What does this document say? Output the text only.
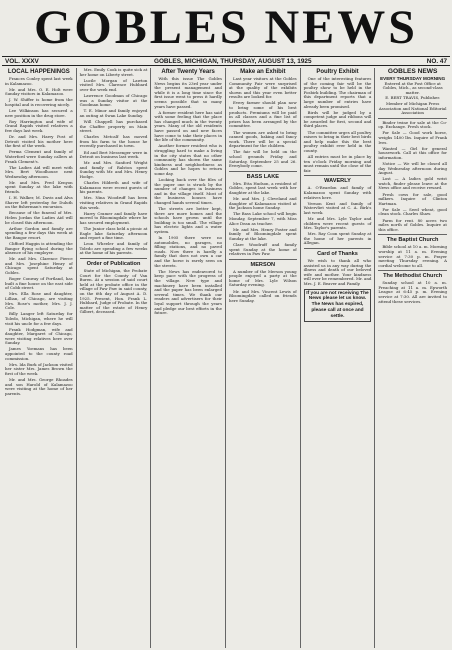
GOBLES NEWS
VOL. XXXV	GOBLES, MICHIGAN, THURSDAY, AUGUST 13, 1925	NO. 47
LOCAL HAPPENINGS

Frances Conley spent last week in Kalamazoo.

Mr. and Mrs. O. E. Holt were Sunday visitors in Kalamazoo.

J. W. Shiffer is home from the hospital and is recovering nicely.

Lee Wilkinson has secured a new position in the drug store.

Roy Harrington and wife of Grand Rapids visited relatives a few days last week.

Dr. and Mrs. Harry Post of Detroit visited his mother here the first of the week.

Perma Clement and family of Waterford were Sunday callers at Frank Clement's.

The Ladies Aid will meet with Mrs. Bert Woodhouse next Wednesday afternoon.

Mr. and Mrs. Fred Kenyon spent Sunday at the lake with friends.

I. H. Walker, M. Davis and Alva Shaver left yesterday for Duluth on the fisherman's excursion.

Because of the funeral of Mrs. Helen Jordan the Ladies Aid will be closed this afternoon.

Arthur Gordon and family are spending a few days this week at the Bangor resort.

Clifford Haggin is attending the Bangor flying school during the absence of his employer.

Mr. and Mrs. Clarence Pierce and Mrs. Josephine Henry of Chicago spent Saturday at Gobles.

Roger Conway of Portland, has built a fine house on the east side of Cobb street.

Mrs. Ella Rose and daughter, Lillian, of Chicago, are visiting Mrs. Rose's mother, Mrs. J. J. Cole.

Billy Langer left Saturday for Toledo, Michigan, where he will visit his uncle for a few days.

Frank Hodgman, wife and daughter, Margaret of Chicago, were visiting relatives here over Sunday.

James Yoemans has been appointed to the county road commission.

Mrs. Ida Burk of Jackson visited her sister Mrs. James Brown the first of the week.

Mr. and Mrs. George Rhoades and son Harold of Kalamazoo were visiting at the home of her parents.

Mrs. Emily Cook is quite sick at her home on Liberty street.

Lucile Morgan of Lawton visited Mrs. Clarence Hubbard over the week end.

Lawrence Goodman of Chicago was a Sunday visitor at the Goodman home.

T. E. Minor and family enjoyed an outing at Swan Lake Sunday.

Will Chappell has purchased the Chaffee property on Main street.

Charles Metcalf has moved from his farm to the house he recently purchased in town.

Ed and Bert Messenger were in Detroit on business last week.

Mr. and Mrs. Sanford Wright and family of Ralston spent Sunday with Mr. and Mrs. Henry Hodge.

Charles Hildreth and wife of Kalamazoo were recent guests of his parents.

Mrs. Nina Woodruff has been visiting relatives in Grand Rapids this week.

Harry Cramer and family have moved to Bloomingdale where he has secured employment.

The Junior class held a picnic at Eagle lake Saturday afternoon and report a fine time.

Leon Wheeler and family of Toledo are spending a few weeks at the home of his parents.

Order of Publication

State of Michigan, the Probate Court for the County of Van Buren. At a session of said court held at the probate office in the village of Paw Paw in said county, on the 6th day of August A. D. 1925. Present, Hon. Frank L. Hubbard, Judge of Probate. In the matter of the estate of Henry Gilbert, deceased.

After Twenty Years

With this issue The Gobles News begins its 23rd year under the present management and while it is a long time since the first issue went to press it hardly seems possible that so many years have passed.

A former resident here has said with some feeling that the place has changed much in the twenty years. Many of the old residents have passed on and new faces have come to take their places in the life of the community.

Another former resident who is struggling hard to make a living in the city states that no other community has shown the same kindness and neighborliness as Gobles and he hopes to return some day.

Looking back over the files of the paper one is struck by the number of changes in business and in the village itself. Most of the business houses have changed hands several times.

The streets are better kept, there are more homes and the schools have grown until the building is too small. The village has electric lights and a water system.

In 1905 there were no automobiles, no garages, no filling stations, and no paved roads. Now there is hardly a family that does not own a car and the horse is rarely seen on the streets.

The News has endeavored to keep pace with the progress of the village. New type and machinery have been installed and the paper has been enlarged several times. We thank our readers and advertisers for their loyal support through the years and pledge our best efforts in the future.

Make an Exhibit

Last year visitors at the Gobles Community Fair were surprised at the quality of the exhibits shown and this year even better results are looked for.

Every farmer should plan now to bring some of his best products. Premiums will be paid in all classes and a fine list of prizes has been arranged by the committee.

The women are asked to bring canned goods, baking and fancy work. There will be a special department for the children.

The fair will be held on the school grounds Friday and Saturday, September 25 and 26. Everybody come.

BASS LAKE

Mrs. Etta Hudson, a resident of Gobles, spent last week with her daughter at the lake.

Mr. and Mrs. J. Cleveland and daughter of Kalamazoo visited at the Jackson home Sunday.

The Bass Lake school will begin Monday, September 7, with Miss Alice Dean as teacher.

Mr. and Mrs. Henry Foster and family of Bloomingdale spent Sunday at the lake.

Clare Woodruff and family spent Sunday at the home of relatives in Paw Paw.

MERSON

A number of the Merson young people enjoyed a party at the home of Mrs. Lyle Wilson Saturday evening.

Mr. and Mrs. Vincent Lewis of Bloomingdale called on friends here Sunday.

Poultry Exhibit

One of the interesting features of the coming fair will be the poultry show to be held in the Fosbirk building. The chairman of this department reports that a large number of entries have already been promised.

Birds will be judged by a competent judge and ribbons will be awarded for first, second and third places.

The committee urges all poultry raisers to bring in their best birds and help make this the best poultry exhibit ever held in the county.

All entries must be in place by ten o'clock Friday morning and must remain until the close of the fair.

WAVERLY

A. O'Reardon and family of Kalamazoo spent Sunday with relatives here.

Vernon Kent and family of Watervliet visited at C. A. Birk's last week.

Mr. and Mrs. Lyle Taylor and children were recent guests of Mrs. Taylor's parents.

Mrs. Ray Coon spent Sunday at the home of her parents in Allegan.

Card of Thanks

We wish to thank all who assisted us in any way during the illness and death of our beloved wife and mother. Your kindness will ever be remembered. Mr. and Mrs. J. E. Beaver and Family.

If you are not receiving The News please let us know. The News has expired, please call at once and settle.
GOBLES NEWS
EVERY THURSDAY MORNING

Entered at the Post Office at Gobles, Mich., as second-class matter.

E. BERT TRAVIS, Publisher.

Member of Michigan Press Association and National Editorial Association

Binder twine for sale at the Co-op. Exchange. Fresh stock.

For Sale — Good work horse, weighs 1400 lbs. Inquire of Frank Ives.

Wanted — Girl for general housework. Call at this office for information.

Notice — We will be closed all day Wednesday afternoon during August.

Lost — A ladies gold wrist watch, finder please leave at the News office and receive reward.

Fresh cows for sale, good milkers. Inquire of Clinton Hartman.

For Sale — Seed wheat, good clean stock. Charles Shaw.

Farm for rent. 80 acres two miles north of Gobles. Inquire at this office.

The Baptist Church

Bible school at 10 a. m. Morning worship at 11 a. m. Evening service at 7:30 p. m. Prayer meeting Thursday evening. A cordial welcome to all.

The Methodist Church

Sunday school at 10 a. m. Preaching at 11 a. m. Epworth League at 6:45 p. m. Evening service at 7:30. All are invited to attend these services.
